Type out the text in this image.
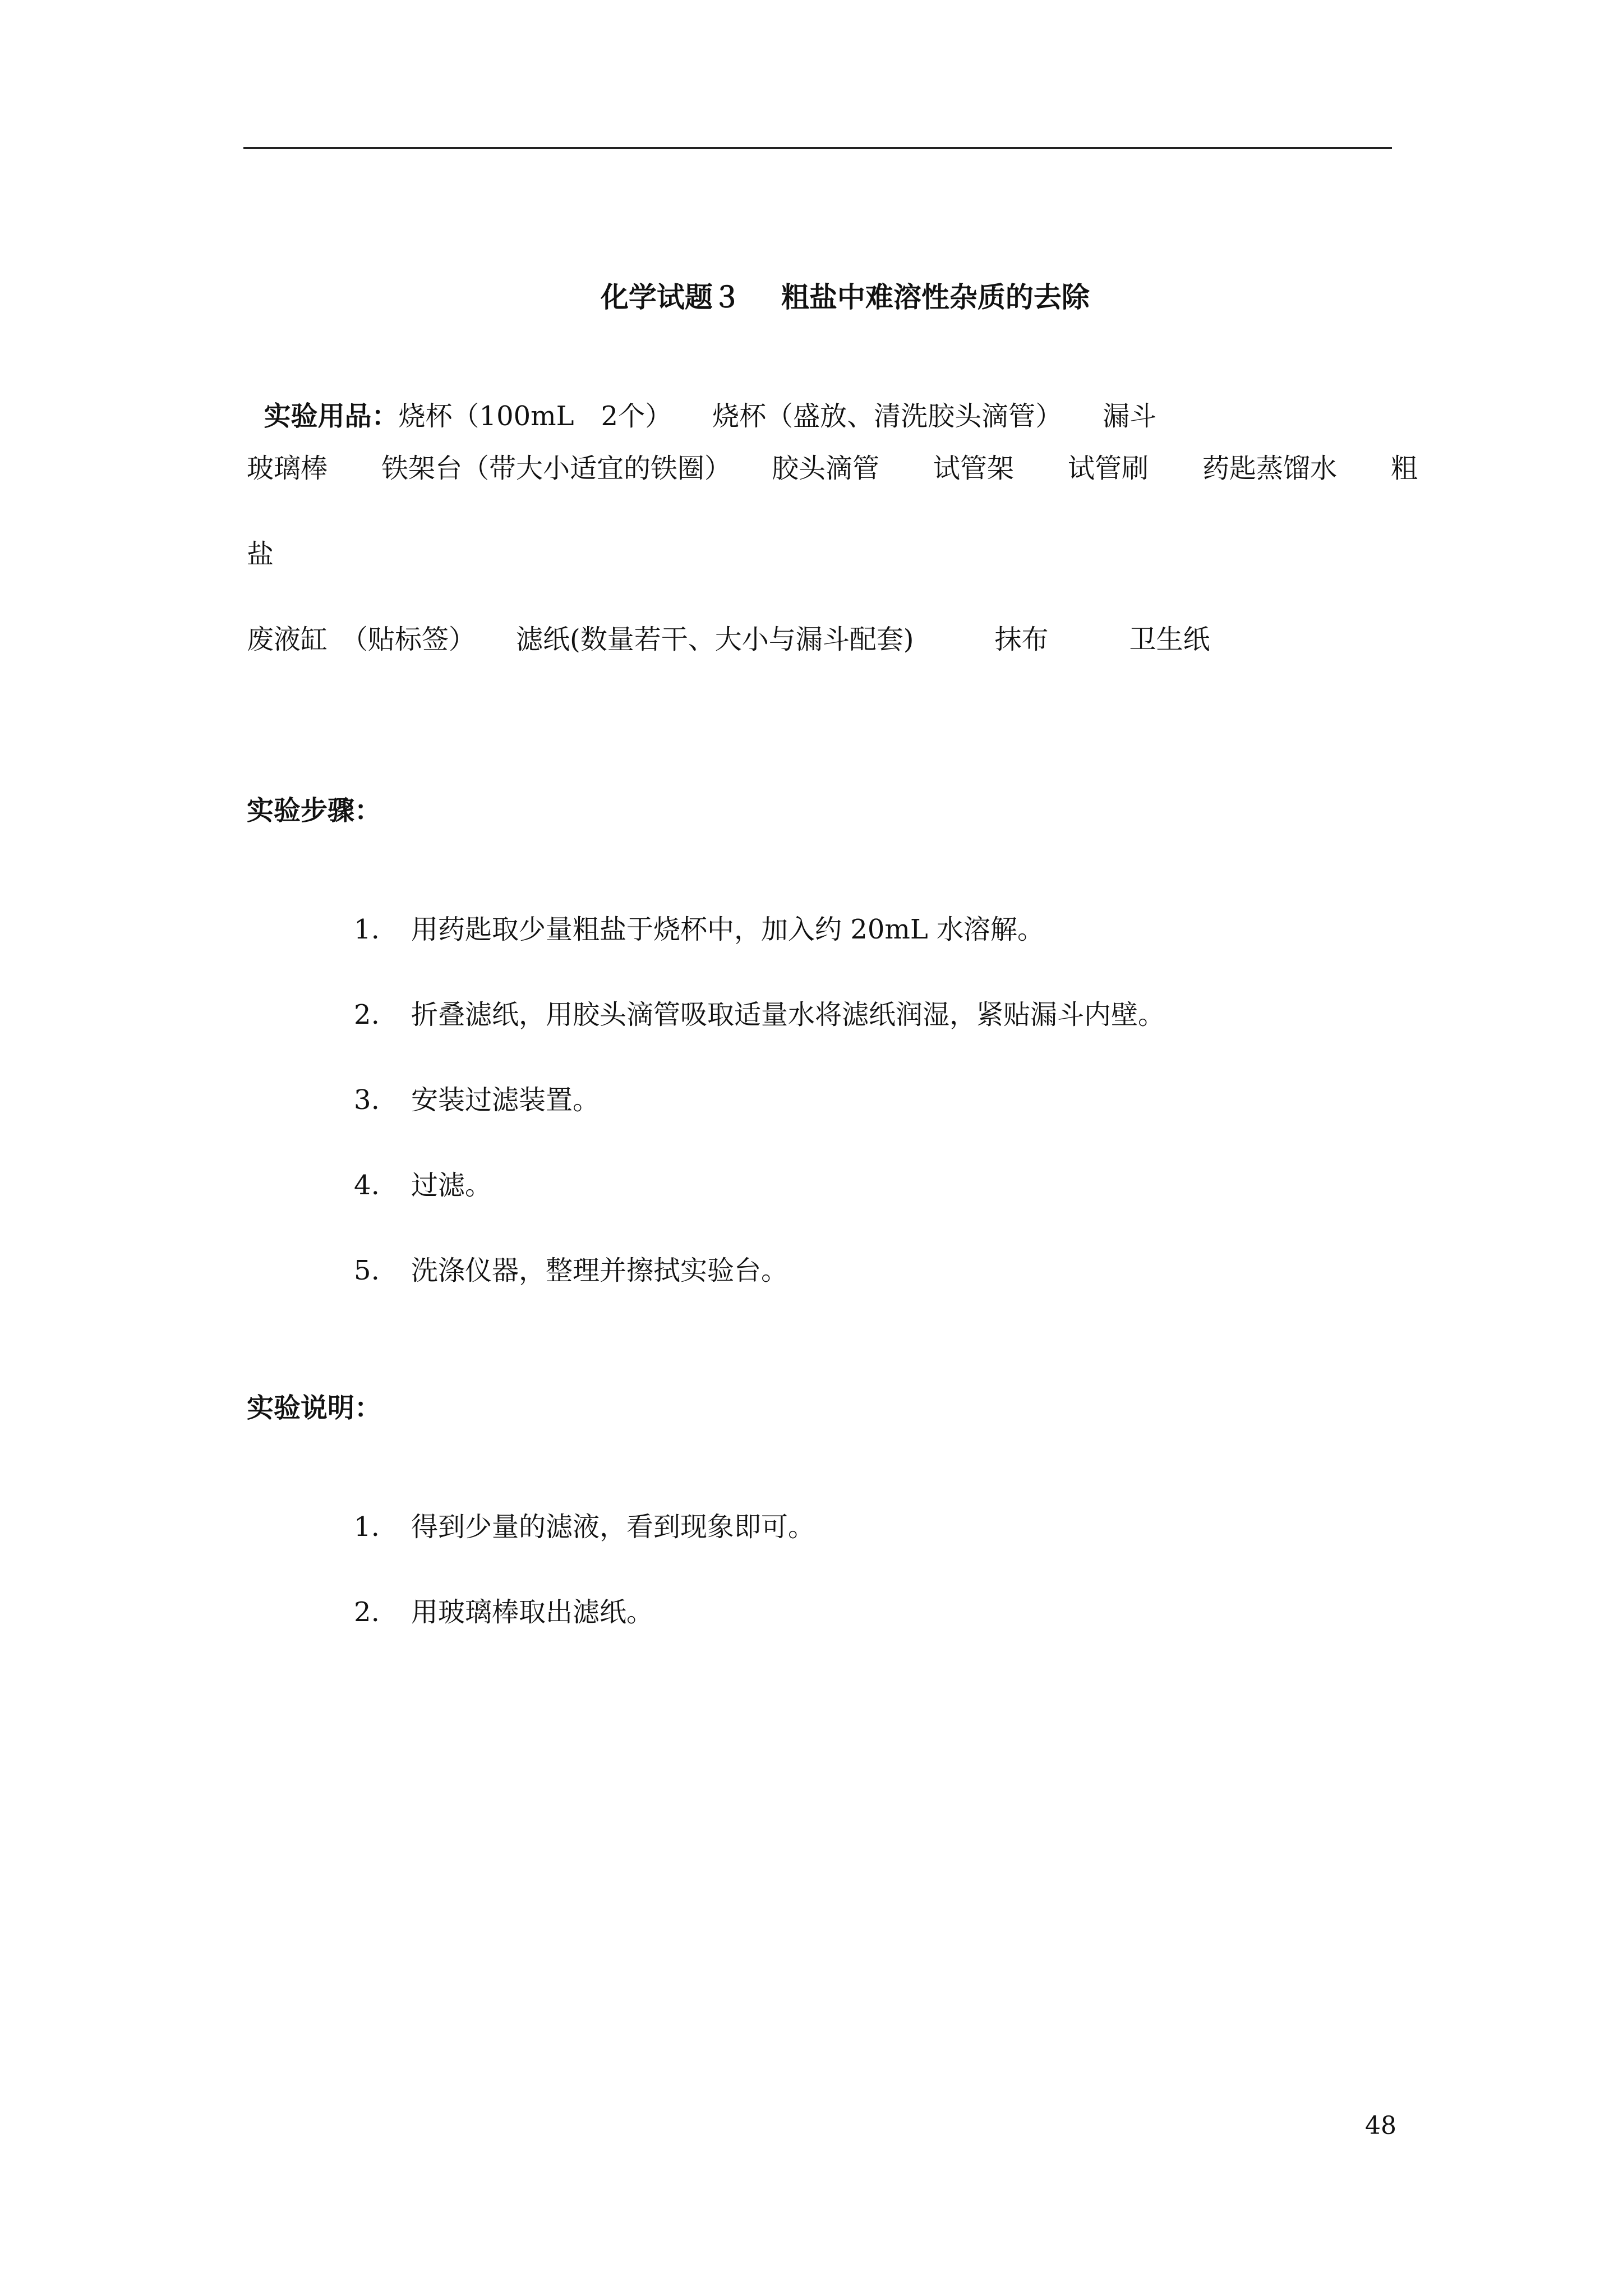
化学试题３ 粗盐中难溶性杂质的去除

实验用品：烧杯（100mL　2个）　　烧杯（盛放、清洗胶头滴管）　　漏斗

玻璃棒　　铁架台（带大小适宜的铁圈）　　胶头滴管　　试管架　　试管刷　　药匙蒸馏水　　粗
盐
废液缸　（贴标签）　　滤纸(数量若干、大小与漏斗配套)　　　抹布　　　卫生纸
实验步骤：

1. 用药匙取少量粗盐于烧杯中，加入约 20mL 水溶解。

2. 折叠滤纸，用胶头滴管吸取适量水将滤纸润湿，紧贴漏斗内壁。

3. 安装过滤装置。

4. 过滤。

5. 洗涤仪器，整理并擦拭实验台。

实验说明：

1. 得到少量的滤液，看到现象即可。

2. 用玻璃棒取出滤纸。

48
